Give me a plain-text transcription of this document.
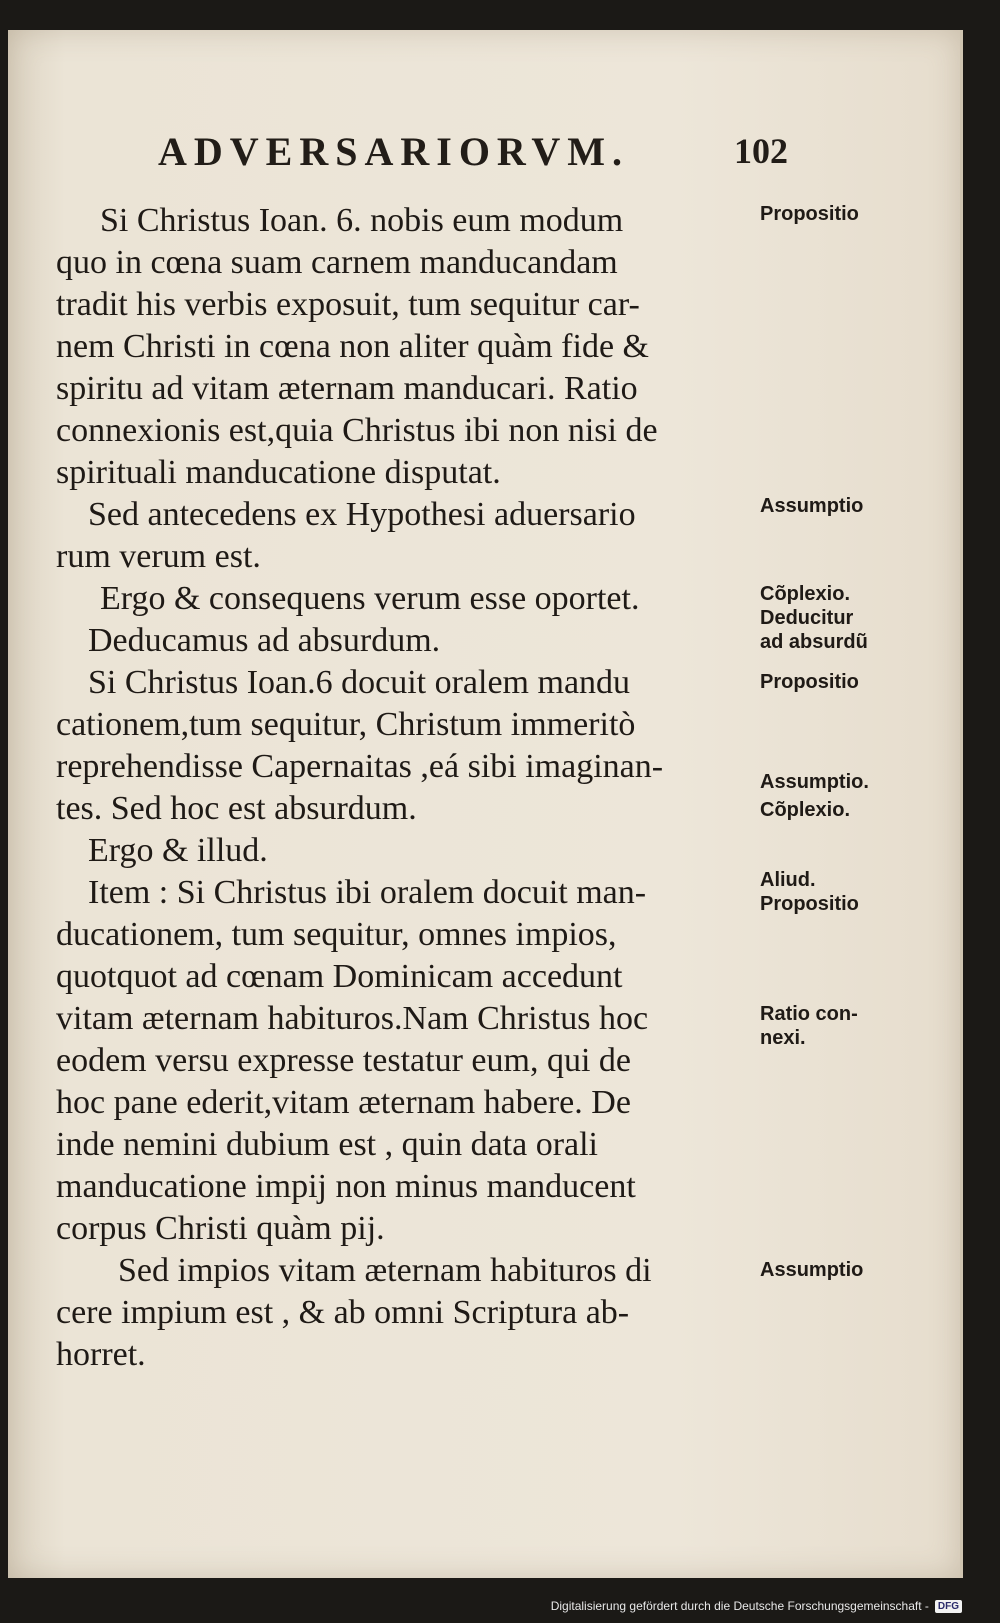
ADVERSARIORVM.	102
Si Christus Ioan. 6. nobis eum modum
quo in cœna suam carnem manducandam
tradit his verbis exposuit, tum sequitur car-
nem Christi in cœna non aliter quàm fide &
spiritu ad vitam æternam manducari. Ratio
connexionis est,quia Christus ibi non nisi de
spirituali manducatione disputat.
Sed antecedens ex Hypothesi aduersario
rum verum est.
Ergo & consequens verum esse oportet.
Deducamus ad absurdum.
Si Christus Ioan.6 docuit oralem mandu
cationem,tum sequitur, Christum immeritò
reprehendisse Capernaitas ,eá sibi imaginan-
tes. Sed hoc est absurdum.
Ergo & illud.
Item : Si Christus ibi oralem docuit man-
ducationem, tum sequitur, omnes impios,
quotquot ad cœnam Dominicam accedunt
vitam æternam habituros.Nam Christus hoc
eodem versu expresse testatur eum, qui de
hoc pane ederit,vitam æternam habere. De
inde nemini dubium est , quin data orali
manducatione impij non minus manducent
corpus Christi quàm pij.
Sed impios vitam æternam habituros di
cere impium est , & ab omni Scriptura ab-
horret.
Propositio
Assumptio
Cõplexio.
Deducitur
ad absurdũ
Propositio
Assumptio.
Cõplexio.
Aliud.
Propositio
Ratio con-
nexi.
Assumptio
Digitalisierung gefördert durch die Deutsche Forschungsgemeinschaft - DFG
